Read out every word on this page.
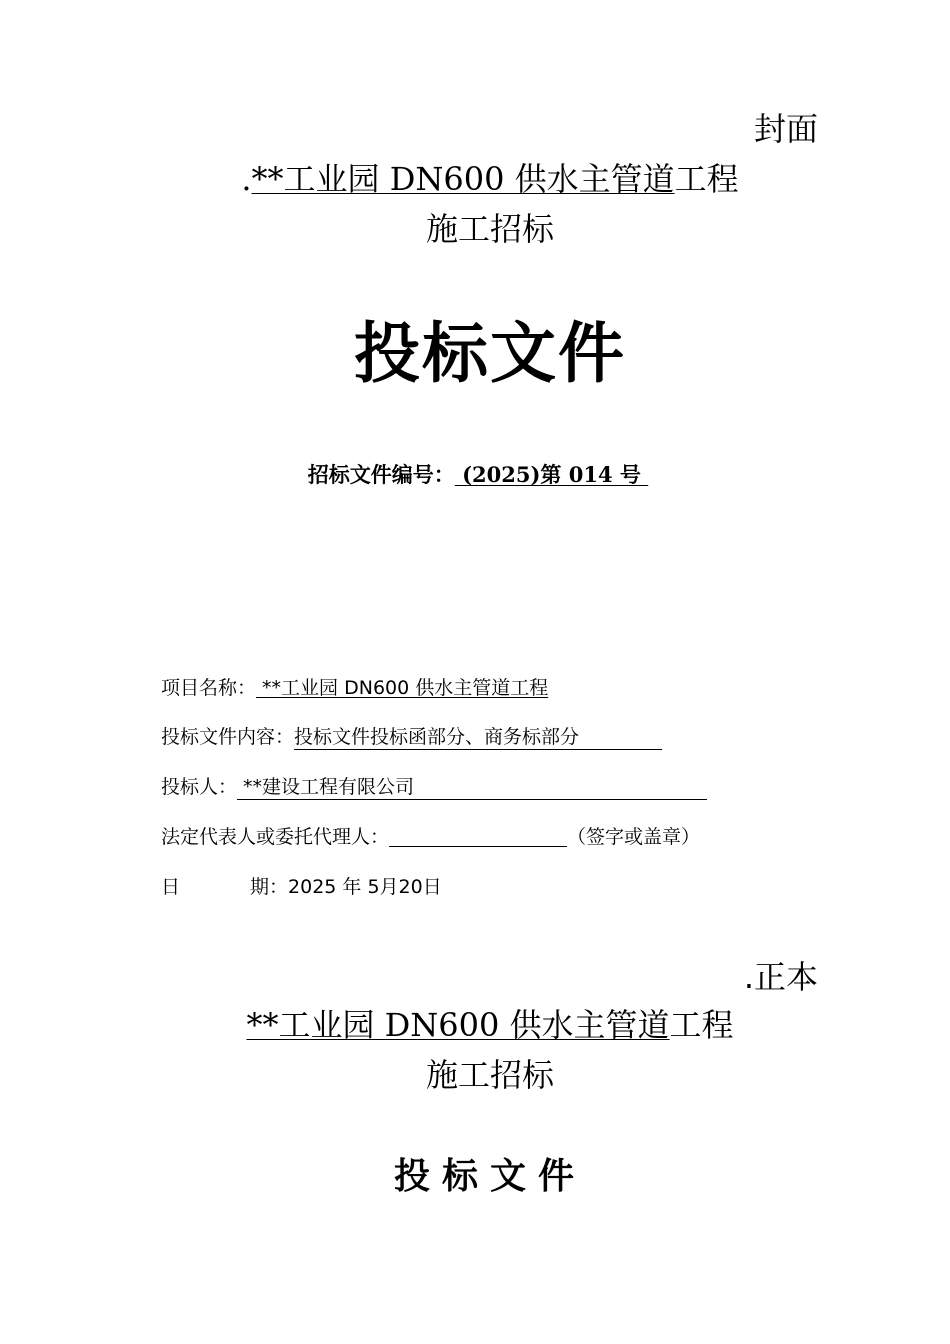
封面
.**工业园 DN600 供水主管道工程
施工招标
投标文件
招标文件编号： (2025)第 014 号
项目名称： **工业园 DN600 供水主管道工程
投标文件内容：投标文件投标函部分、商务标部分
投标人： **建设工程有限公司
法定代表人或委托代理人：	（签字或盖章）
日	期：2025 年 5月20日
.正本
**工业园 DN600 供水主管道工程
施工招标
投标文件
